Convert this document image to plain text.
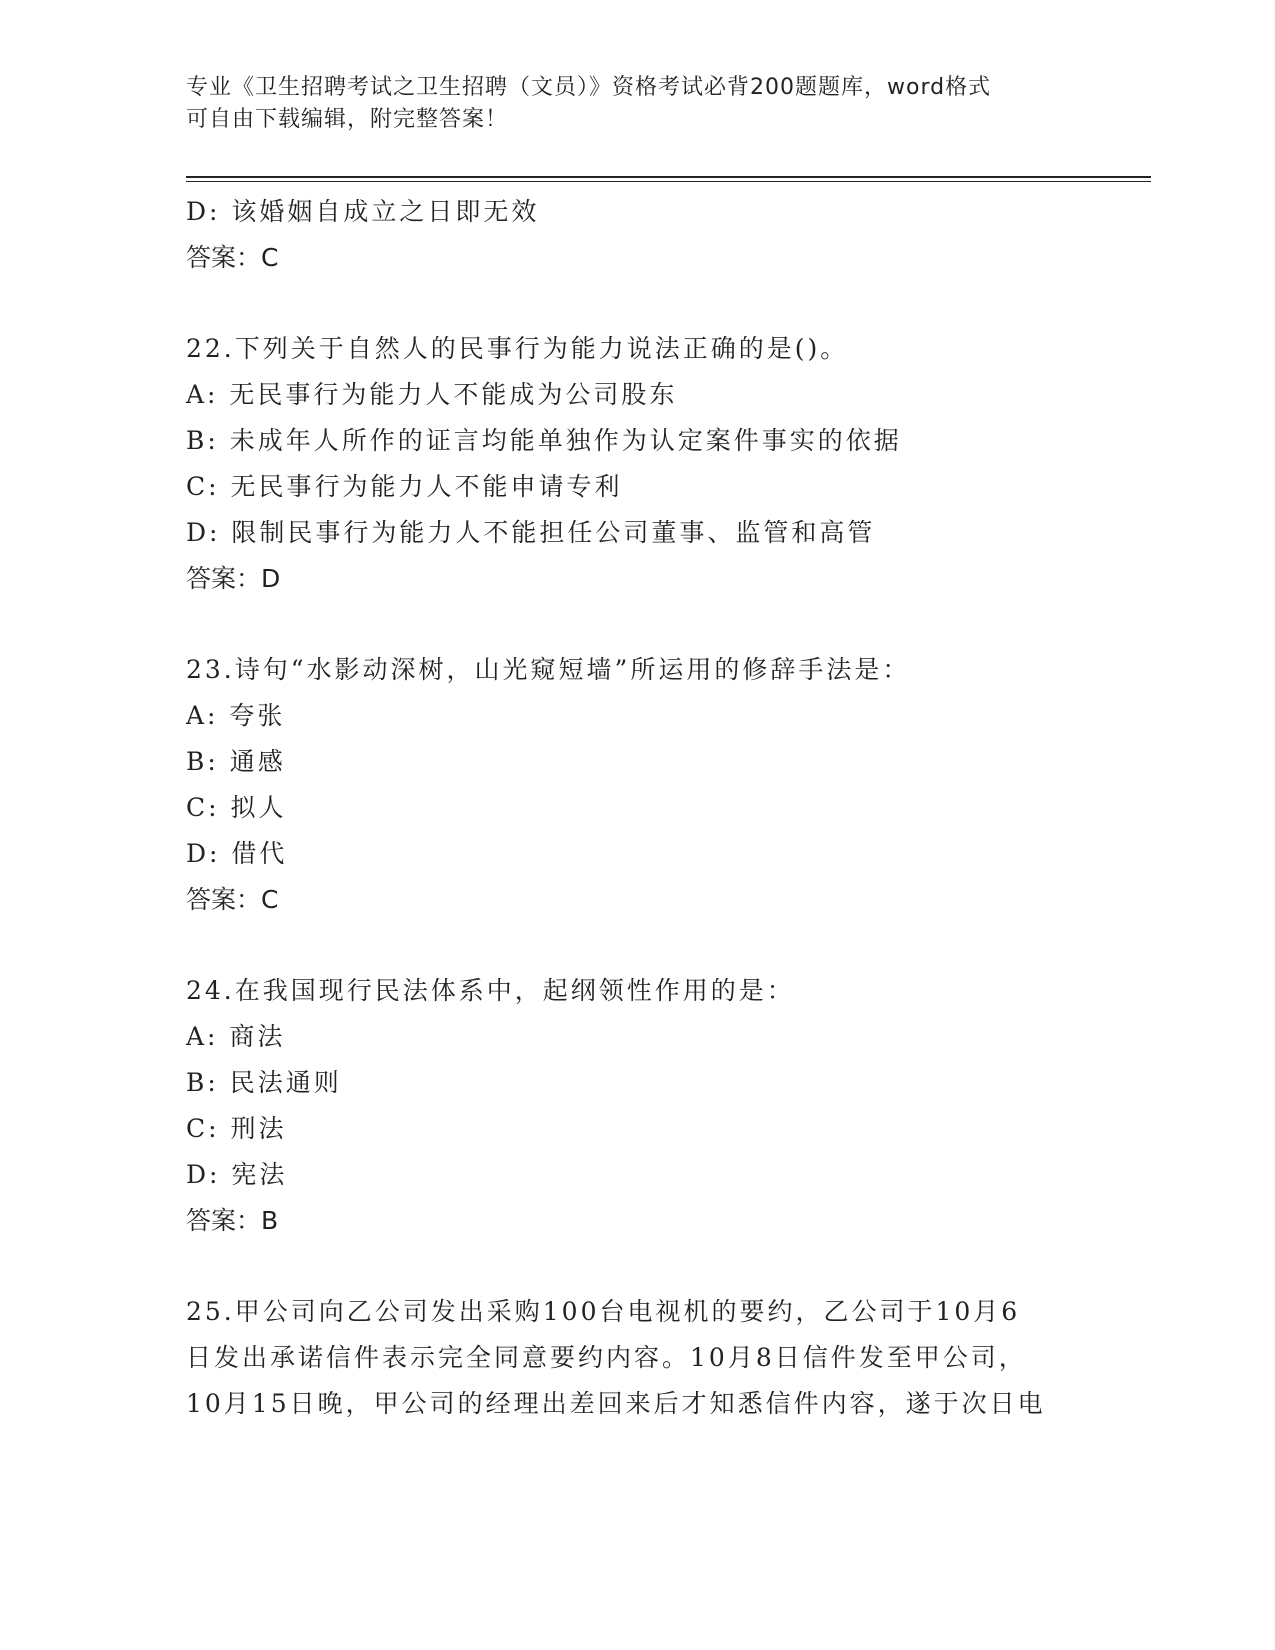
专业《卫生招聘考试之卫生招聘（文员）》资格考试必背200题题库，word格式
可自由下载编辑，附完整答案！
D: 该婚姻自成立之日即无效
答案：C
22.下列关于自然人的民事行为能力说法正确的是()。
A: 无民事行为能力人不能成为公司股东
B: 未成年人所作的证言均能单独作为认定案件事实的依据
C: 无民事行为能力人不能申请专利
D: 限制民事行为能力人不能担任公司董事、监管和高管
答案：D
23.诗句“水影动深树，山光窥短墙”所运用的修辞手法是：
A: 夸张
B: 通感
C: 拟人
D: 借代
答案：C
24.在我国现行民法体系中，起纲领性作用的是：
A: 商法
B: 民法通则
C: 刑法
D: 宪法
答案：B
25.甲公司向乙公司发出采购100台电视机的要约，乙公司于10月6
日发出承诺信件表示完全同意要约内容。10月8日信件发至甲公司，
10月15日晚，甲公司的经理出差回来后才知悉信件内容，遂于次日电
